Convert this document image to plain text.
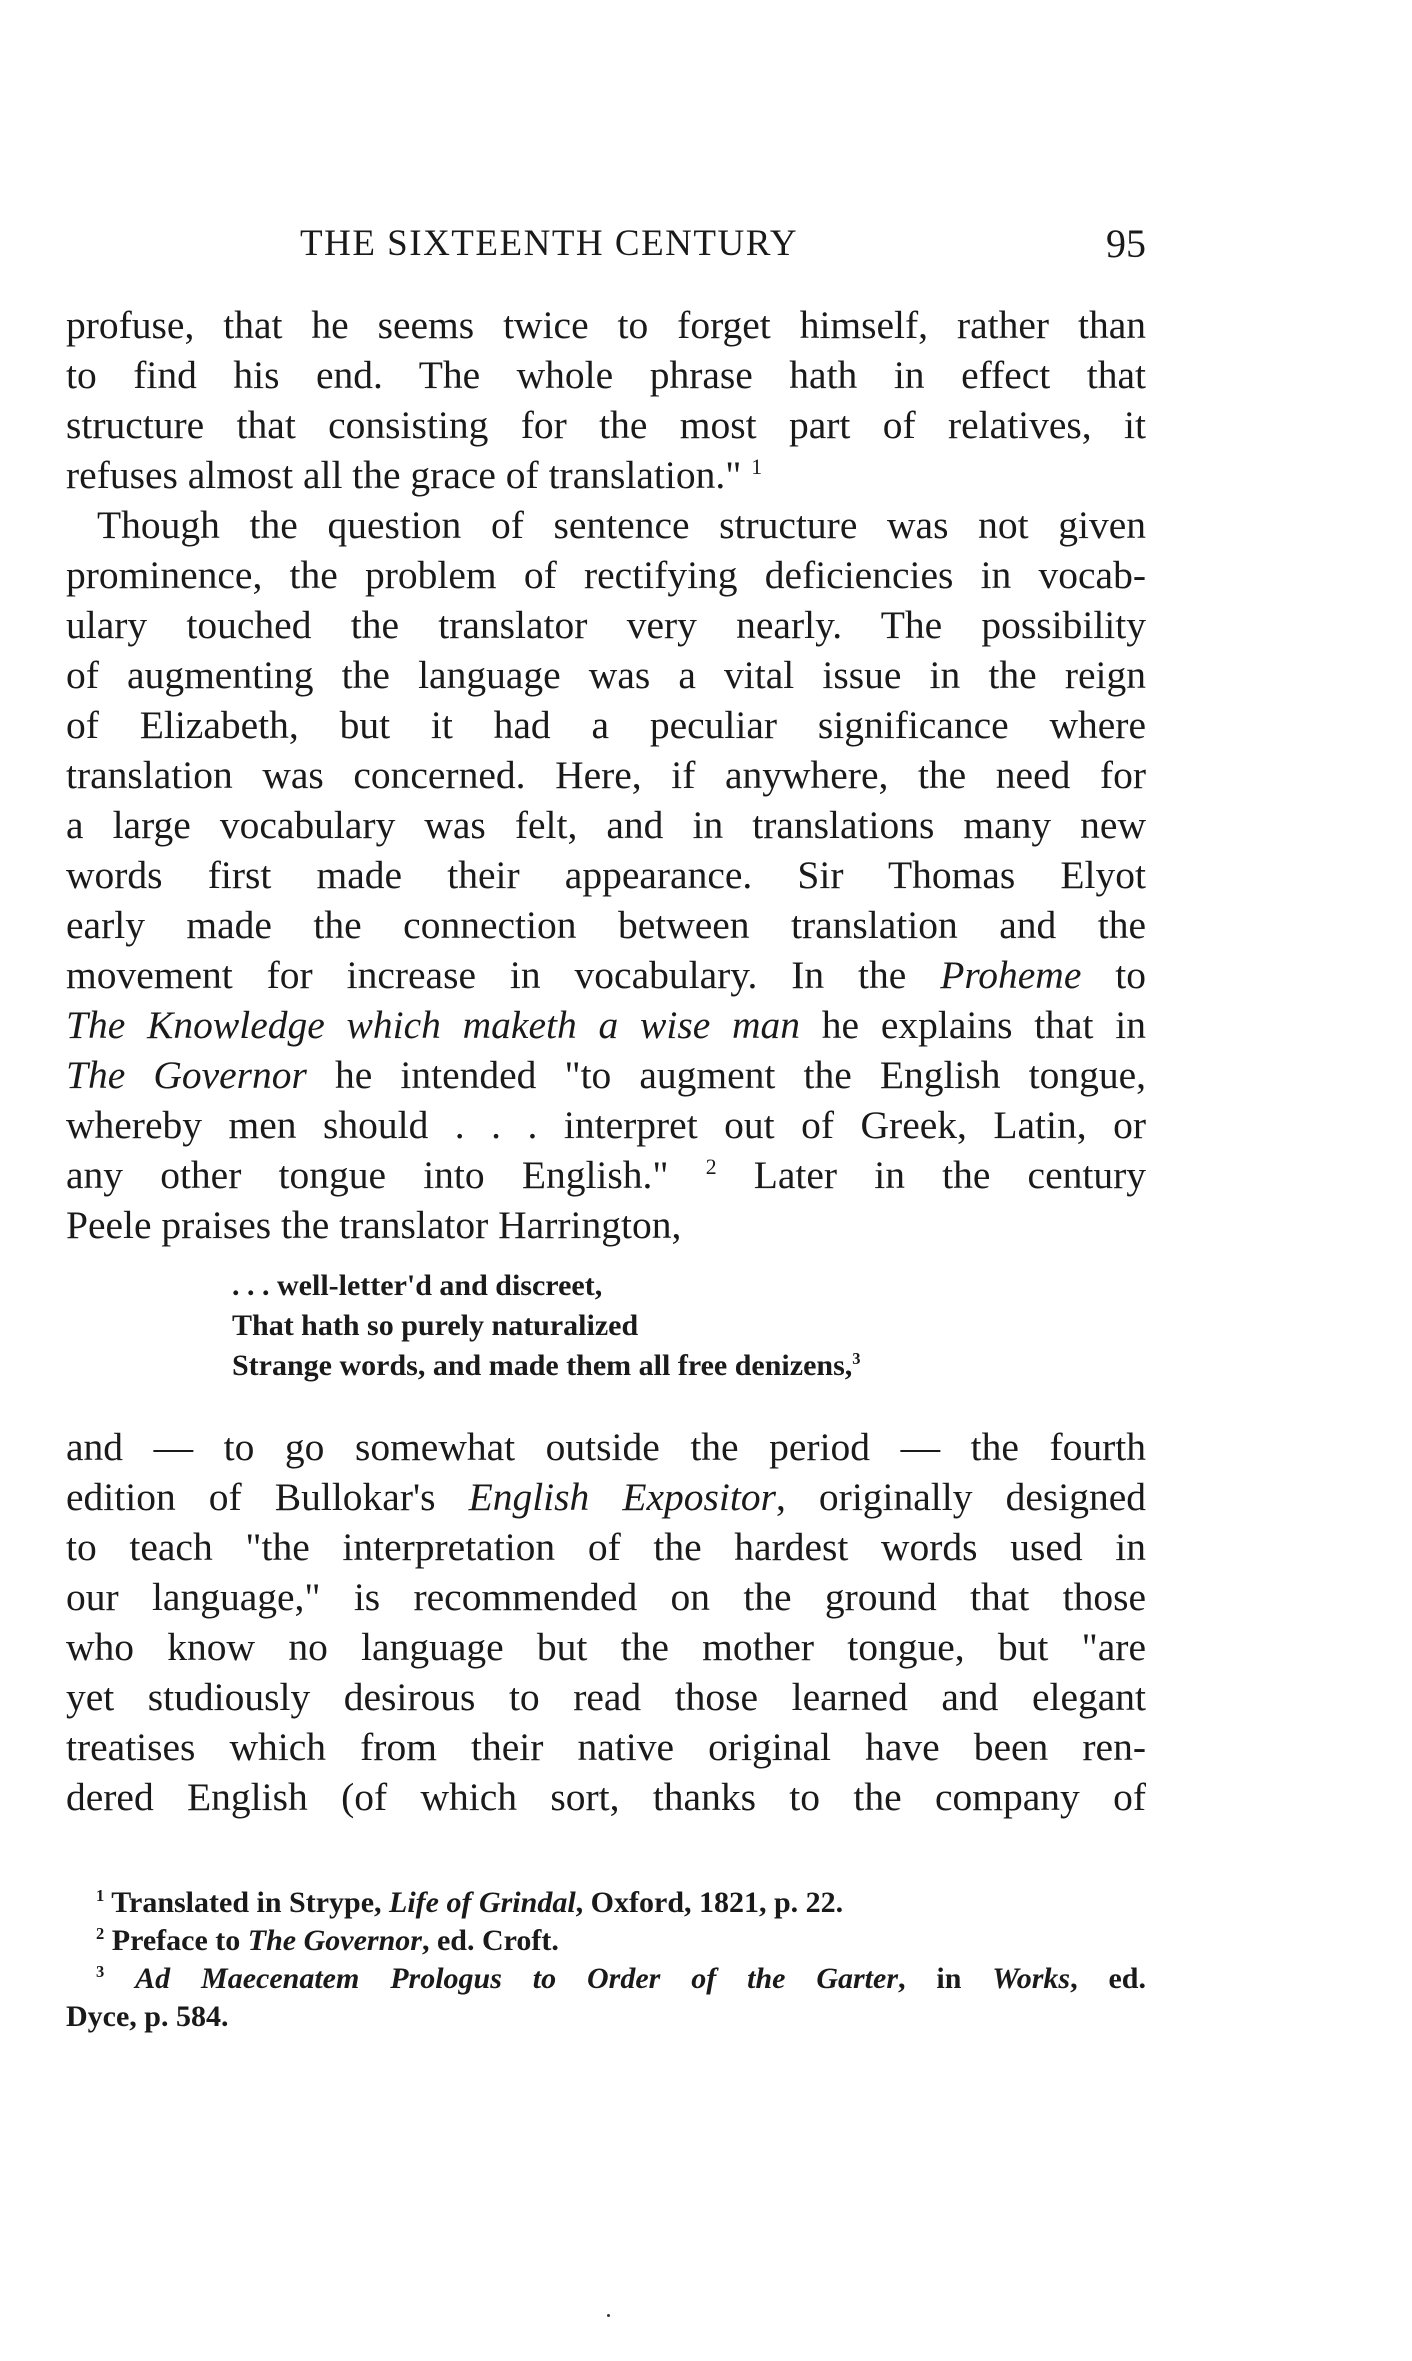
THE SIXTEENTH CENTURY	95
profuse, that he seems twice to forget himself, rather than
to find his end. The whole phrase hath in effect that
structure that consisting for the most part of relatives, it
refuses almost all the grace of translation." $^1$
Though the question of sentence structure was not given
prominence, the problem of rectifying deficiencies in vocab-
ulary touched the translator very nearly. The possibility
of augmenting the language was a vital issue in the reign
of Elizabeth, but it had a peculiar significance where
translation was concerned. Here, if anywhere, the need for
a large vocabulary was felt, and in translations many new
words first made their appearance. Sir Thomas Elyot
early made the connection between translation and the
movement for increase in vocabulary. In the Proheme to
The Knowledge which maketh a wise man he explains that in
The Governor he intended "to augment the English tongue,
whereby men should . . . interpret out of Greek, Latin, or
any other tongue into English." $^2$ Later in the century
Peele praises the translator Harrington,
. . . well-letter'd and discreet,
That hath so purely naturalized
Strange words, and made them all free denizens,$^3$
and — to go somewhat outside the period — the fourth
edition of Bullokar's English Expositor, originally designed
to teach "the interpretation of the hardest words used in
our language," is recommended on the ground that those
who know no language but the mother tongue, but "are
yet studiously desirous to read those learned and elegant
treatises which from their native original have been ren-
dered English (of which sort, thanks to the company of
$^1$ Translated in Strype, Life of Grindal, Oxford, 1821, p. 22.
$^2$ Preface to The Governor, ed. Croft.
$^3$ Ad Maecenatem Prologus to Order of the Garter, in Works, ed.
Dyce, p. 584.
